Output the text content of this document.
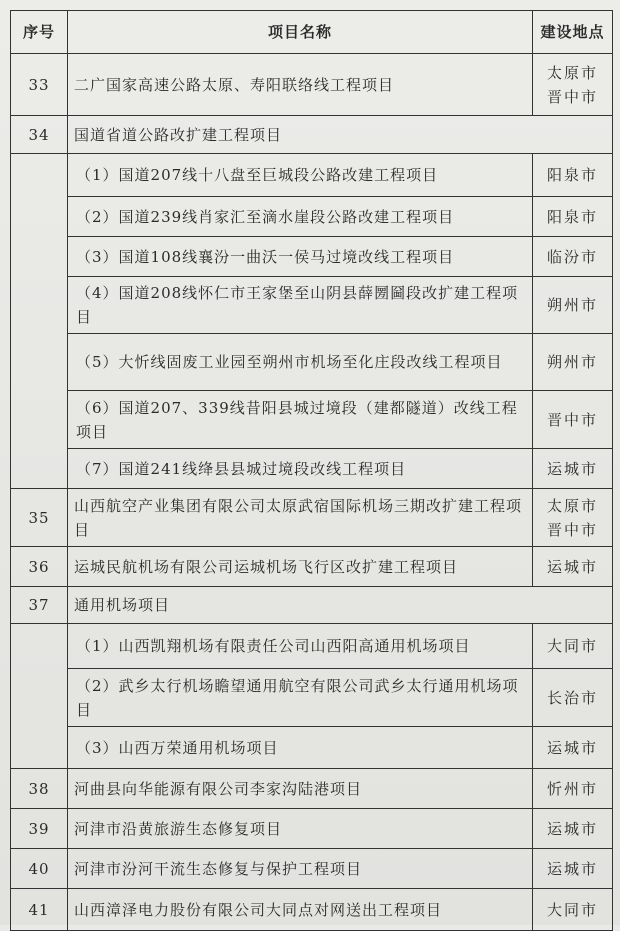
序号	项目名称	建设地点
33	二广国家高速公路太原、寿阳联络线工程项目	太原市
晋中市
34	国道省道公路改扩建工程项目	
	（1）国道207线十八盘至巨城段公路改建工程项目	阳泉市
	（2）国道239线肖家汇至滴水崖段公路改建工程项目	阳泉市
	（3）国道108线襄汾一曲沃一侯马过境改线工程项目	临汾市
	（4）国道208线怀仁市王家堡至山阴县薛圐圙段改扩建工程项目	朔州市
	（5）大忻线固废工业园至朔州市机场至化庄段改线工程项目	朔州市
	（6）国道207、339线昔阳县城过境段（建都隧道）改线工程项目	晋中市
	（7）国道241线绛县县城过境段改线工程项目	运城市
35	山西航空产业集团有限公司太原武宿国际机场三期改扩建工程项目	太原市
晋中市
36	运城民航机场有限公司运城机场飞行区改扩建工程项目	运城市
37	通用机场项目	
	（1）山西凯翔机场有限责任公司山西阳高通用机场项目	大同市
	（2）武乡太行机场瞻望通用航空有限公司武乡太行通用机场项目	长治市
	（3）山西万荣通用机场项目	运城市
38	河曲县向华能源有限公司李家沟陆港项目	忻州市
39	河津市沿黄旅游生态修复项目	运城市
40	河津市汾河干流生态修复与保护工程项目	运城市
41	山西漳泽电力股份有限公司大同点对网送出工程项目	大同市
